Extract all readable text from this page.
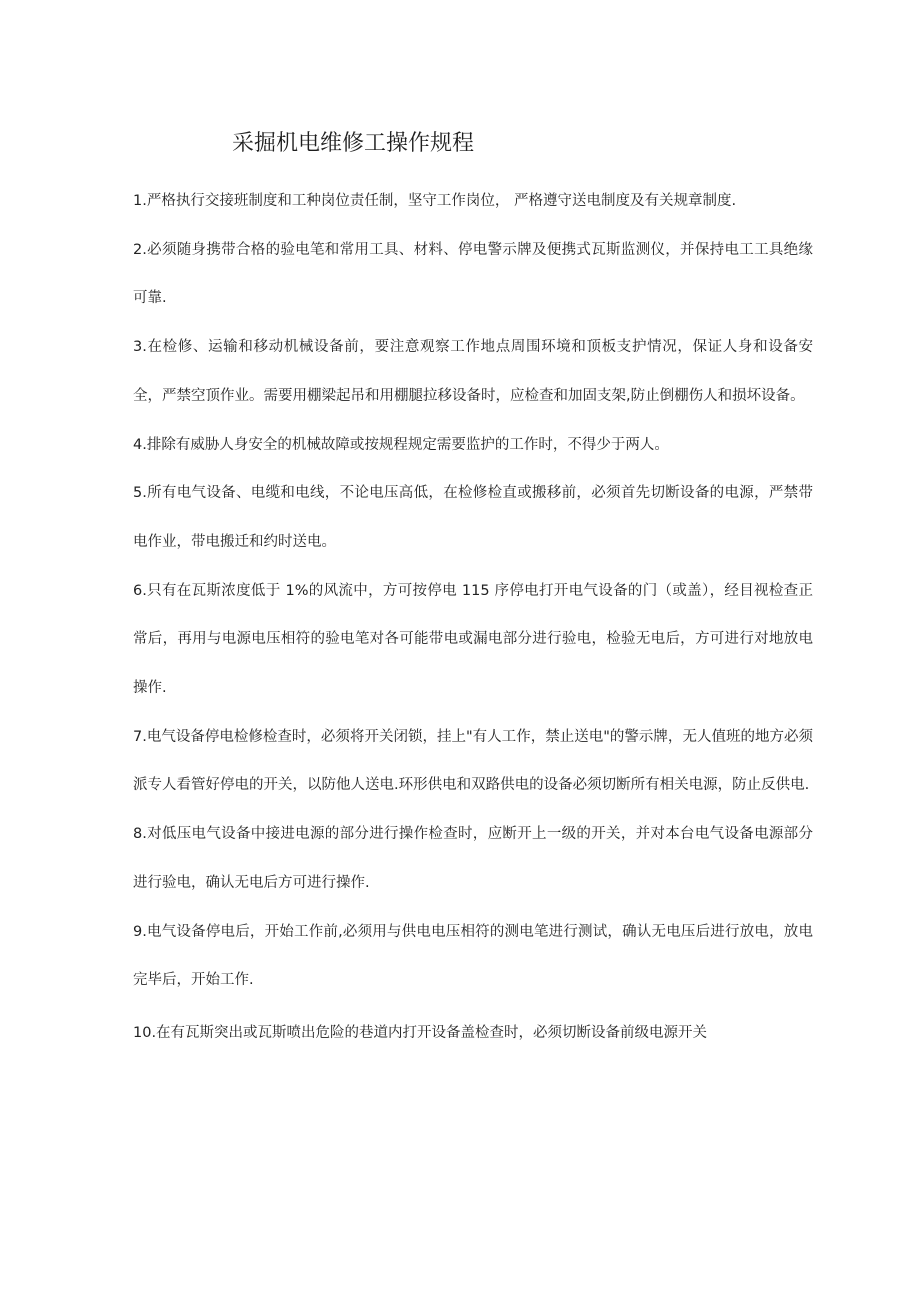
采掘机电维修工操作规程

1.严格执行交接班制度和工种岗位责任制，坚守工作岗位， 严格遵守送电制度及有关规章制度.

2.必须随身携带合格的验电笔和常用工具、材料、停电警示牌及便携式瓦斯监测仪，并保持电工工具绝缘可靠.

3.在检修、运输和移动机械设备前，要注意观察工作地点周围环境和顶板支护情况，保证人身和设备安全，严禁空顶作业。需要用棚梁起吊和用棚腿拉移设备时，应检查和加固支架,防止倒棚伤人和损坏设备。

4.排除有威胁人身安全的机械故障或按规程规定需要监护的工作时，不得少于两人。

5.所有电气设备、电缆和电线，不论电压高低，在检修检直或搬移前，必须首先切断设备的电源，严禁带电作业，带电搬迁和约时送电。

6.只有在瓦斯浓度低于 1%的风流中，方可按停电 115 序停电打开电气设备的门（或盖），经目视检查正常后，再用与电源电压相符的验电笔对各可能带电或漏电部分进行验电，检验无电后，方可进行对地放电操作.

7.电气设备停电检修检查时，必须将开关闭锁，挂上"有人工作，禁止送电"的警示牌，无人值班的地方必须派专人看管好停电的开关，以防他人送电.环形供电和双路供电的设备必须切断所有相关电源，防止反供电.

8.对低压电气设备中接进电源的部分进行操作检查时，应断开上一级的开关，并对本台电气设备电源部分进行验电，确认无电后方可进行操作.

9.电气设备停电后，开始工作前,必须用与供电电压相符的测电笔进行测试，确认无电压后进行放电，放电完毕后，开始工作.

10.在有瓦斯突出或瓦斯喷出危险的巷道内打开设备盖检查时，必须切断设备前级电源开关
